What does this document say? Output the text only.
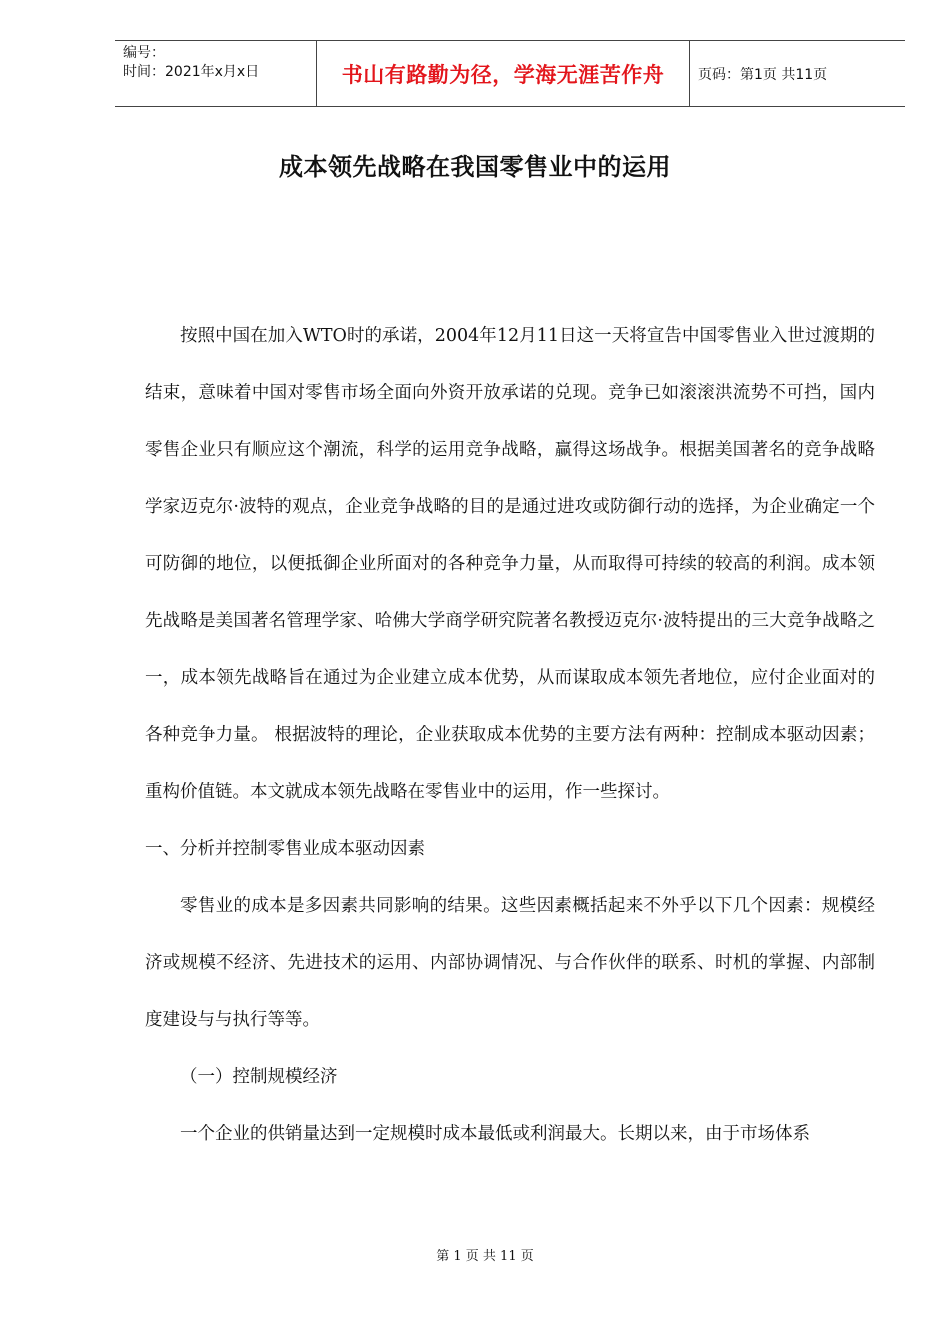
编号：
时间：2021年x月x日	书山有路勤为径，学海无涯苦作舟	页码：第1页 共11页
成本领先战略在我国零售业中的运用

按照中国在加入WTO时的承诺，2004年12月11日这一天将宣告中国零售业入世过渡期的结束，意味着中国对零售市场全面向外资开放承诺的兑现。竞争已如滚滚洪流势不可挡，国内零售企业只有顺应这个潮流，科学的运用竞争战略，赢得这场战争。根据美国著名的竞争战略学家迈克尔·波特的观点，企业竞争战略的目的是通过进攻或防御行动的选择，为企业确定一个可防御的地位，以便抵御企业所面对的各种竞争力量，从而取得可持续的较高的利润。成本领先战略是美国著名管理学家、哈佛大学商学研究院著名教授迈克尔·波特提出的三大竞争战略之一，成本领先战略旨在通过为企业建立成本优势，从而谋取成本领先者地位，应付企业面对的各种竞争力量。 根据波特的理论，企业获取成本优势的主要方法有两种：控制成本驱动因素；重构价值链。本文就成本领先战略在零售业中的运用，作一些探讨。

一、分析并控制零售业成本驱动因素

零售业的成本是多因素共同影响的结果。这些因素概括起来不外乎以下几个因素：规模经济或规模不经济、先进技术的运用、内部协调情况、与合作伙伴的联系、时机的掌握、内部制度建设与与执行等等。

（一）控制规模经济

一个企业的供销量达到一定规模时成本最低或利润最大。长期以来，由于市场体系

第 1 页 共 11 页
